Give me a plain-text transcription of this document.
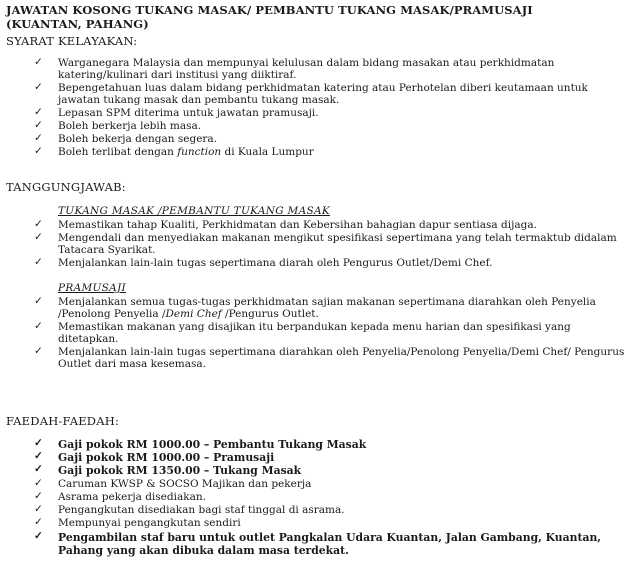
JAWATAN KOSONG TUKANG MASAK/ PEMBANTU TUKANG MASAK/PRAMUSAJI
(KUANTAN, PAHANG)
SYARAT KELAYAKAN:
✓ Warganegara Malaysia dan mempunyai kelulusan dalam bidang masakan atau perkhidmatan katering/kulinari dari institusi yang diiktiraf.
✓ Bepengetahuan luas dalam bidang perkhidmatan katering atau Perhotelan diberi keutamaan untuk jawatan tukang masak dan pembantu tukang masak.
✓ Lepasan SPM diterima untuk jawatan pramusaji.
✓ Boleh berkerja lebih masa.
✓ Boleh bekerja dengan segera.
✓ Boleh terlibat dengan function di Kuala Lumpur
TANGGUNGJAWAB:
TUKANG MASAK /PEMBANTU TUKANG MASAK
✓ Memastikan tahap Kualiti, Perkhidmatan dan Kebersihan bahagian dapur sentiasa dijaga.
✓ Mengendali dan menyediakan makanan mengikut spesifikasi sepertimana yang telah termaktub didalam Tatacara Syarikat.
✓ Menjalankan lain-lain tugas sepertimana diarah oleh Pengurus Outlet/Demi Chef.
PRAMUSAJI
✓ Menjalankan semua tugas-tugas perkhidmatan sajian makanan sepertimana diarahkan oleh Penyelia /Penolong Penyelia /Demi Chef /Pengurus Outlet.
✓ Memastikan makanan yang disajikan itu berpandukan kepada menu harian dan spesifikasi yang ditetapkan.
✓ Menjalankan lain-lain tugas sepertimana diarahkan oleh Penyelia/Penolong Penyelia/Demi Chef/ Pengurus Outlet dari masa kesemasa.
FAEDAH-FAEDAH:
✓ Gaji pokok RM 1000.00 – Pembantu Tukang Masak
✓ Gaji pokok RM 1000.00 – Pramusaji
✓ Gaji pokok RM 1350.00 – Tukang Masak
✓ Caruman KWSP & SOCSO Majikan dan pekerja
✓ Asrama pekerja disediakan.
✓ Pengangkutan disediakan bagi staf tinggal di asrama.
✓ Mempunyai pengangkutan sendiri
✓ Pengambilan staf baru untuk outlet Pangkalan Udara Kuantan, Jalan Gambang, Kuantan, Pahang yang akan dibuka dalam masa terdekat.
